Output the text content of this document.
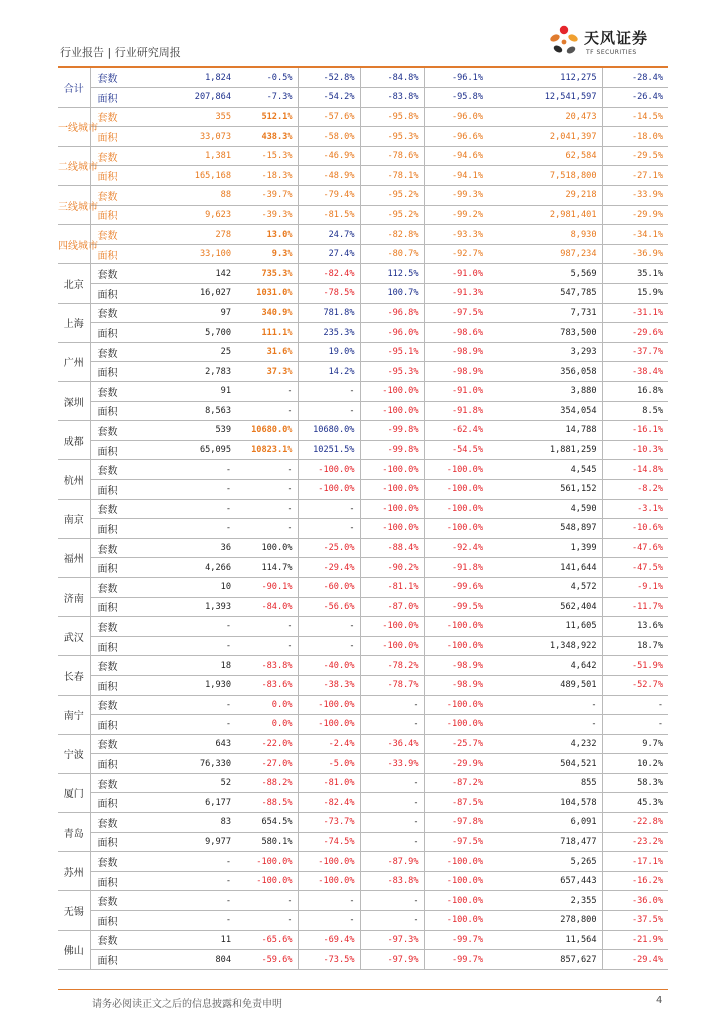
行业报告 | 行业研究周报
天风证券
TF SECURITIES
合计	套数	1,824	-0.5%	-52.8%	-84.8%	-96.1%	112,275	-28.4%
	面积	207,864	-7.3%	-54.2%	-83.8%	-95.8%	12,541,597	-26.4%
一线城市	套数	355	512.1%	-57.6%	-95.8%	-96.0%	20,473	-14.5%
	面积	33,073	438.3%	-58.0%	-95.3%	-96.6%	2,041,397	-18.0%
二线城市	套数	1,381	-15.3%	-46.9%	-78.6%	-94.6%	62,584	-29.5%
	面积	165,168	-18.3%	-48.9%	-78.1%	-94.1%	7,518,800	-27.1%
三线城市	套数	88	-39.7%	-79.4%	-95.2%	-99.3%	29,218	-33.9%
	面积	9,623	-39.3%	-81.5%	-95.2%	-99.2%	2,981,401	-29.9%
四线城市	套数	278	13.0%	24.7%	-82.8%	-93.3%	8,930	-34.1%
	面积	33,100	9.3%	27.4%	-80.7%	-92.7%	987,234	-36.9%
北京	套数	142	735.3%	-82.4%	112.5%	-91.0%	5,569	35.1%
	面积	16,027	1031.0%	-78.5%	100.7%	-91.3%	547,785	15.9%
上海	套数	97	340.9%	781.8%	-96.8%	-97.5%	7,731	-31.1%
	面积	5,700	111.1%	235.3%	-96.0%	-98.6%	783,500	-29.6%
广州	套数	25	31.6%	19.0%	-95.1%	-98.9%	3,293	-37.7%
	面积	2,783	37.3%	14.2%	-95.3%	-98.9%	356,058	-38.4%
深圳	套数	91	-	-	-100.0%	-91.0%	3,880	16.8%
	面积	8,563	-	-	-100.0%	-91.8%	354,054	8.5%
成都	套数	539	10680.0%	10680.0%	-99.8%	-62.4%	14,788	-16.1%
	面积	65,095	10823.1%	10251.5%	-99.8%	-54.5%	1,881,259	-10.3%
杭州	套数	-	-	-100.0%	-100.0%	-100.0%	4,545	-14.8%
	面积	-	-	-100.0%	-100.0%	-100.0%	561,152	-8.2%
南京	套数	-	-	-	-100.0%	-100.0%	4,590	-3.1%
	面积	-	-	-	-100.0%	-100.0%	548,897	-10.6%
福州	套数	36	100.0%	-25.0%	-88.4%	-92.4%	1,399	-47.6%
	面积	4,266	114.7%	-29.4%	-90.2%	-91.8%	141,644	-47.5%
济南	套数	10	-90.1%	-60.0%	-81.1%	-99.6%	4,572	-9.1%
	面积	1,393	-84.0%	-56.6%	-87.0%	-99.5%	562,404	-11.7%
武汉	套数	-	-	-	-100.0%	-100.0%	11,605	13.6%
	面积	-	-	-	-100.0%	-100.0%	1,348,922	18.7%
长春	套数	18	-83.8%	-40.0%	-78.2%	-98.9%	4,642	-51.9%
	面积	1,930	-83.6%	-38.3%	-78.7%	-98.9%	489,501	-52.7%
南宁	套数	-	0.0%	-100.0%	-	-100.0%	-	-
	面积	-	0.0%	-100.0%	-	-100.0%	-	-
宁波	套数	643	-22.0%	-2.4%	-36.4%	-25.7%	4,232	9.7%
	面积	76,330	-27.0%	-5.0%	-33.9%	-29.9%	504,521	10.2%
厦门	套数	52	-88.2%	-81.0%	-	-87.2%	855	58.3%
	面积	6,177	-88.5%	-82.4%	-	-87.5%	104,578	45.3%
青岛	套数	83	654.5%	-73.7%	-	-97.8%	6,091	-22.8%
	面积	9,977	580.1%	-74.5%	-	-97.5%	718,477	-23.2%
苏州	套数	-	-100.0%	-100.0%	-87.9%	-100.0%	5,265	-17.1%
	面积	-	-100.0%	-100.0%	-83.8%	-100.0%	657,443	-16.2%
无锡	套数	-	-	-	-	-100.0%	2,355	-36.0%
	面积	-	-	-	-	-100.0%	278,800	-37.5%
佛山	套数	11	-65.6%	-69.4%	-97.3%	-99.7%	11,564	-21.9%
	面积	804	-59.6%	-73.5%	-97.9%	-99.7%	857,627	-29.4%
请务必阅读正文之后的信息披露和免责申明	4
